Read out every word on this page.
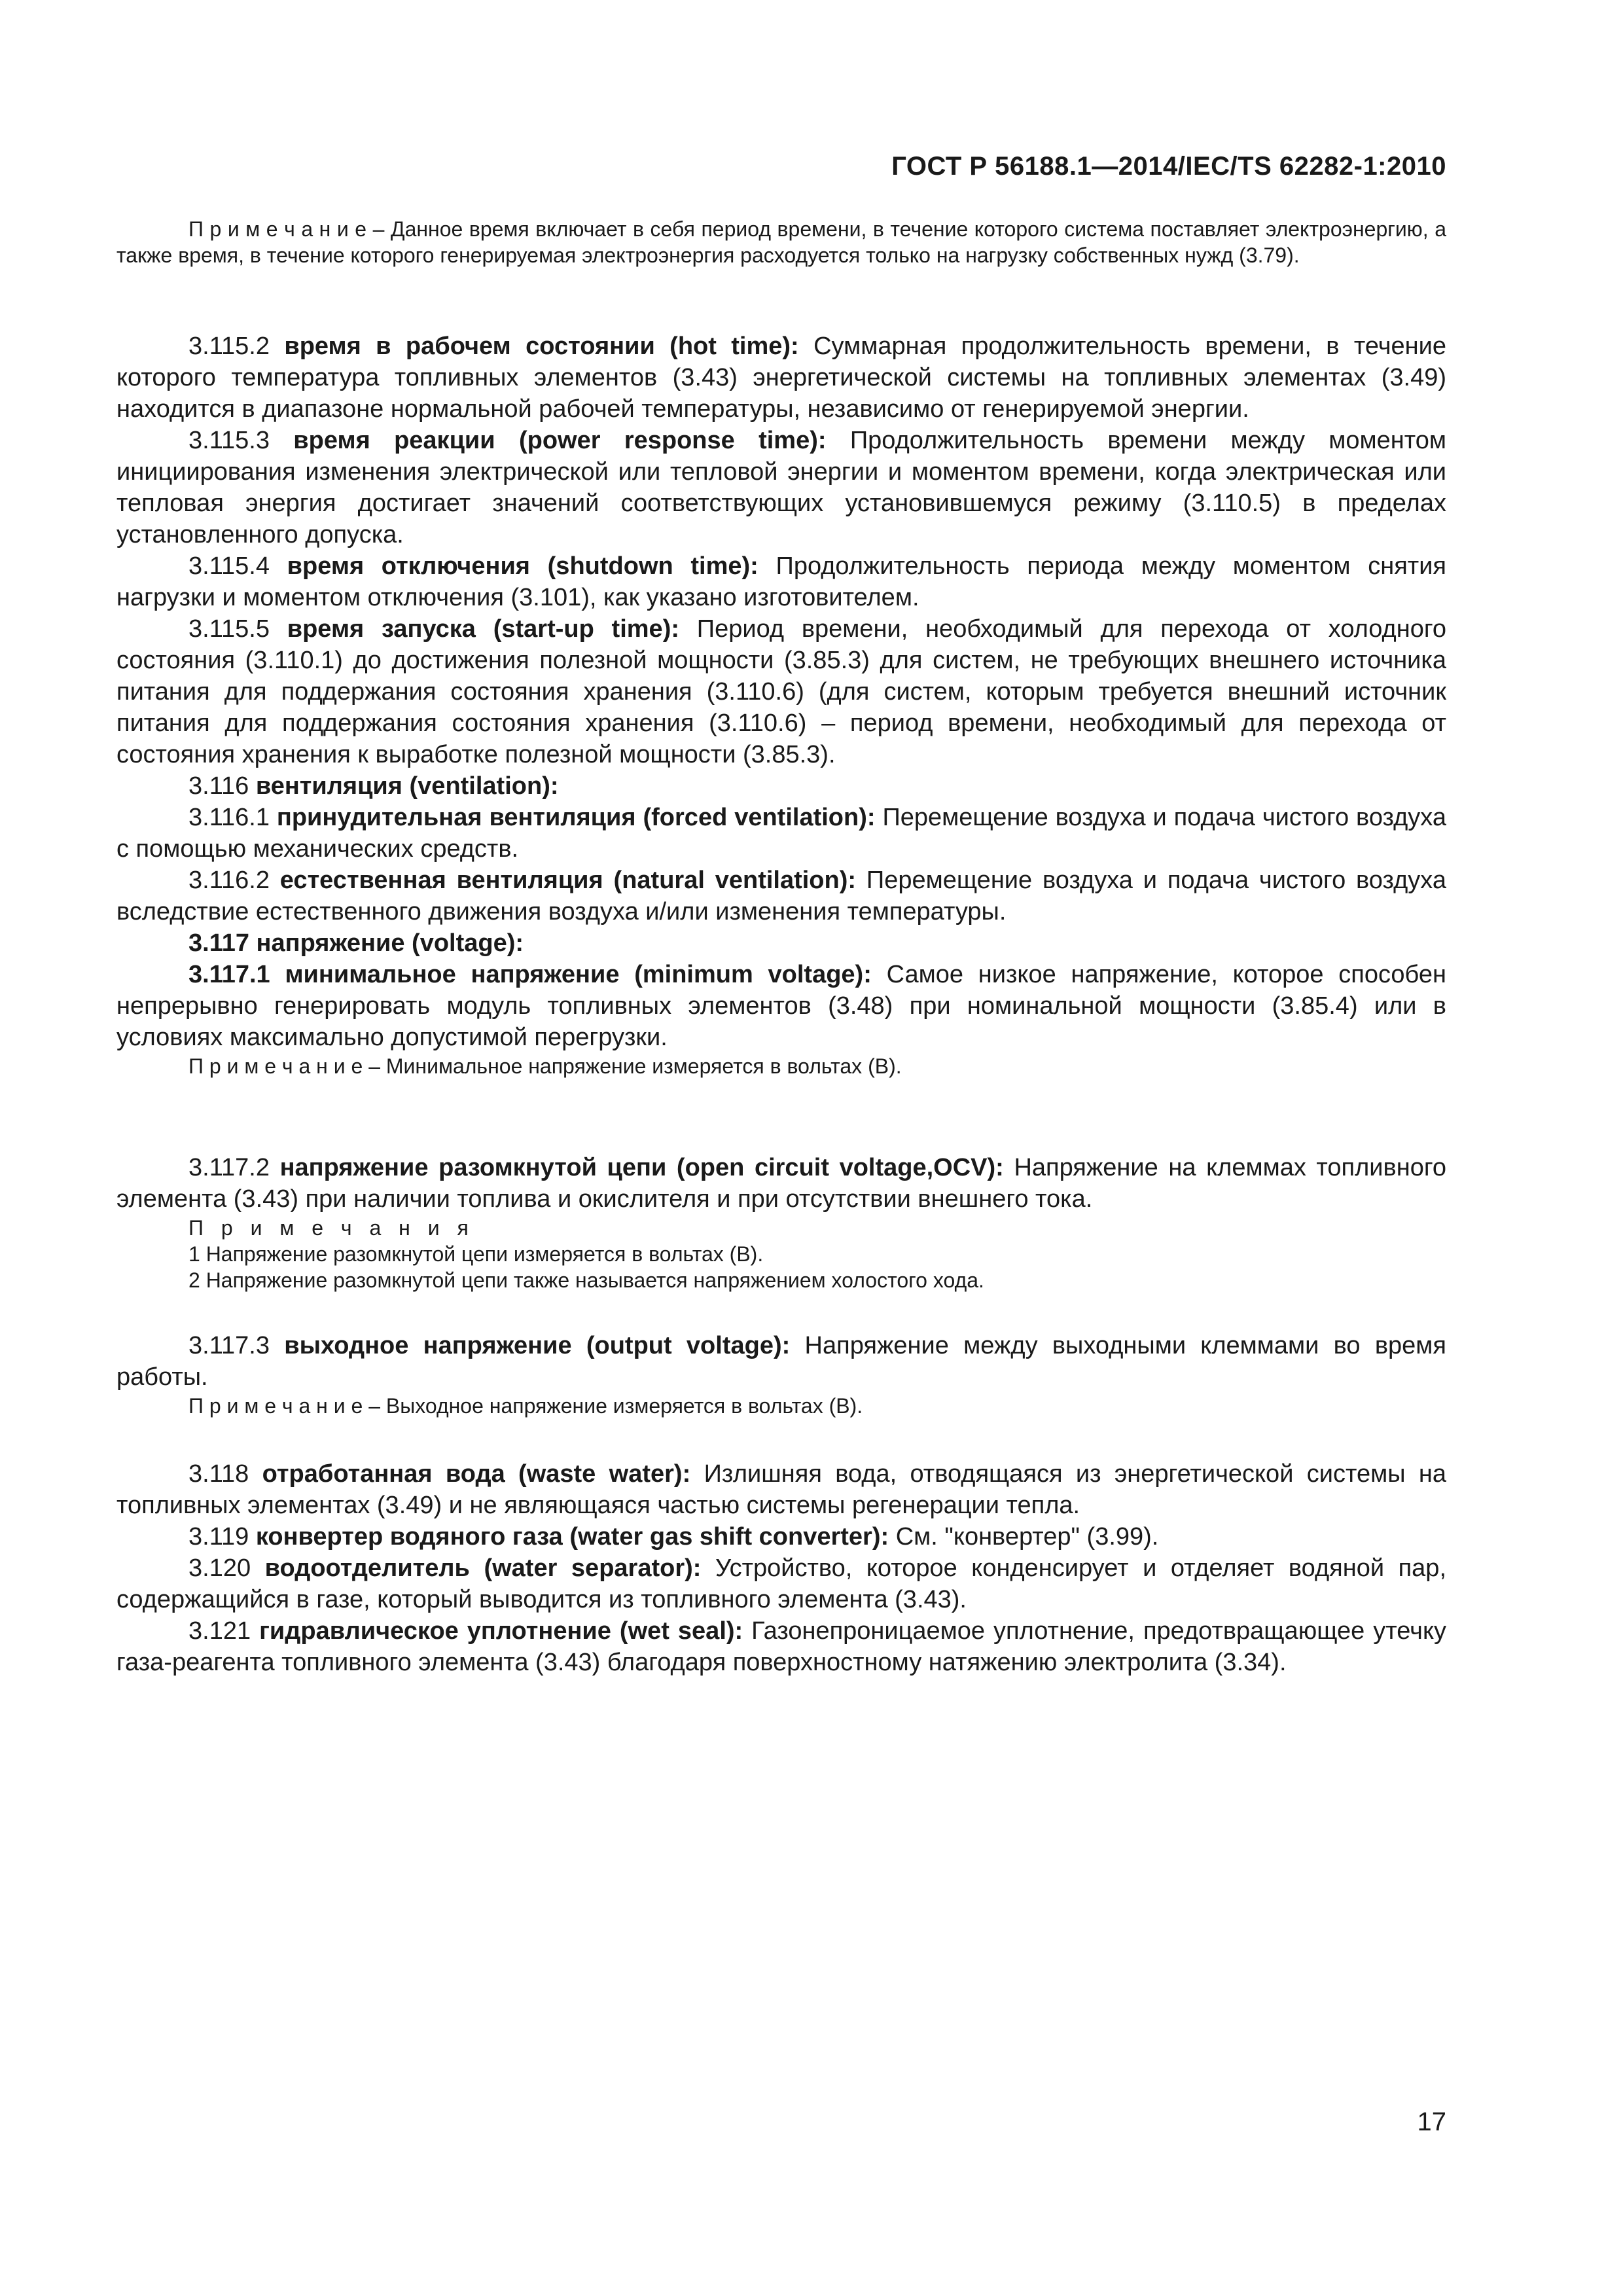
ГОСТ Р 56188.1—2014/IEC/TS 62282-1:2010

П р и м е ч а н и е – Данное время включает в себя период времени, в течение которого система поставляет электроэнергию, а также время, в течение которого генерируемая электроэнергия расходуется только на нагрузку собственных нужд (3.79).

3.115.2 время в рабочем состоянии (hot time): Суммарная продолжительность времени, в течение которого температура топливных элементов (3.43) энергетической системы на топливных элементах (3.49) находится в диапазоне нормальной рабочей температуры, независимо от генерируемой энергии.

3.115.3 время реакции (power response time): Продолжительность времени между моментом инициирования изменения электрической или тепловой энергии и моментом времени, когда электрическая или тепловая энергия достигает значений соответствующих установившемуся режиму (3.110.5) в пределах установленного допуска.

3.115.4 время отключения (shutdown time): Продолжительность периода между моментом снятия нагрузки и моментом отключения (3.101), как указано изготовителем.

3.115.5 время запуска (start-up time): Период времени, необходимый для перехода от холодного состояния (3.110.1) до достижения полезной мощности (3.85.3) для систем, не требующих внешнего источника питания для поддержания состояния хранения (3.110.6) (для систем, которым требуется внешний источник питания для поддержания состояния хранения (3.110.6) – период времени, необходимый для перехода от состояния хранения к выработке полезной мощности (3.85.3).

3.116 вентиляция (ventilation):

3.116.1 принудительная вентиляция (forced ventilation): Перемещение воздуха и подача чистого воздуха с помощью механических средств.

3.116.2 естественная вентиляция (natural ventilation): Перемещение воздуха и подача чистого воздуха вследствие естественного движения воздуха и/или изменения температуры.

3.117 напряжение (voltage):

3.117.1 минимальное напряжение (minimum voltage): Самое низкое напряжение, которое способен непрерывно генерировать модуль топливных элементов (3.48) при номинальной мощности (3.85.4) или в условиях максимально допустимой перегрузки.

П р и м е ч а н и е – Минимальное напряжение измеряется в вольтах (В).

3.117.2 напряжение разомкнутой цепи (open circuit voltage,OCV): Напряжение на клеммах топливного элемента (3.43) при наличии топлива и окислителя и при отсутствии внешнего тока.

П р и м е ч а н и я

1 Напряжение разомкнутой цепи измеряется в вольтах (В).

2 Напряжение разомкнутой цепи также называется напряжением холостого хода.

3.117.3 выходное напряжение (output voltage): Напряжение между выходными клеммами во время работы.

П р и м е ч а н и е – Выходное напряжение измеряется в вольтах (В).

3.118 отработанная вода (waste water): Излишняя вода, отводящаяся из энергетической системы на топливных элементах (3.49) и не являющаяся частью системы регенерации тепла.

3.119 конвертер водяного газа (water gas shift converter): См. "конвертер" (3.99).

3.120 водоотделитель (water separator): Устройство, которое конденсирует и отделяет водяной пар, содержащийся в газе, который выводится из топливного элемента (3.43).

3.121 гидравлическое уплотнение (wet seal): Газонепроницаемое уплотнение, предотвращающее утечку газа-реагента топливного элемента (3.43) благодаря поверхностному натяжению электролита (3.34).

17
